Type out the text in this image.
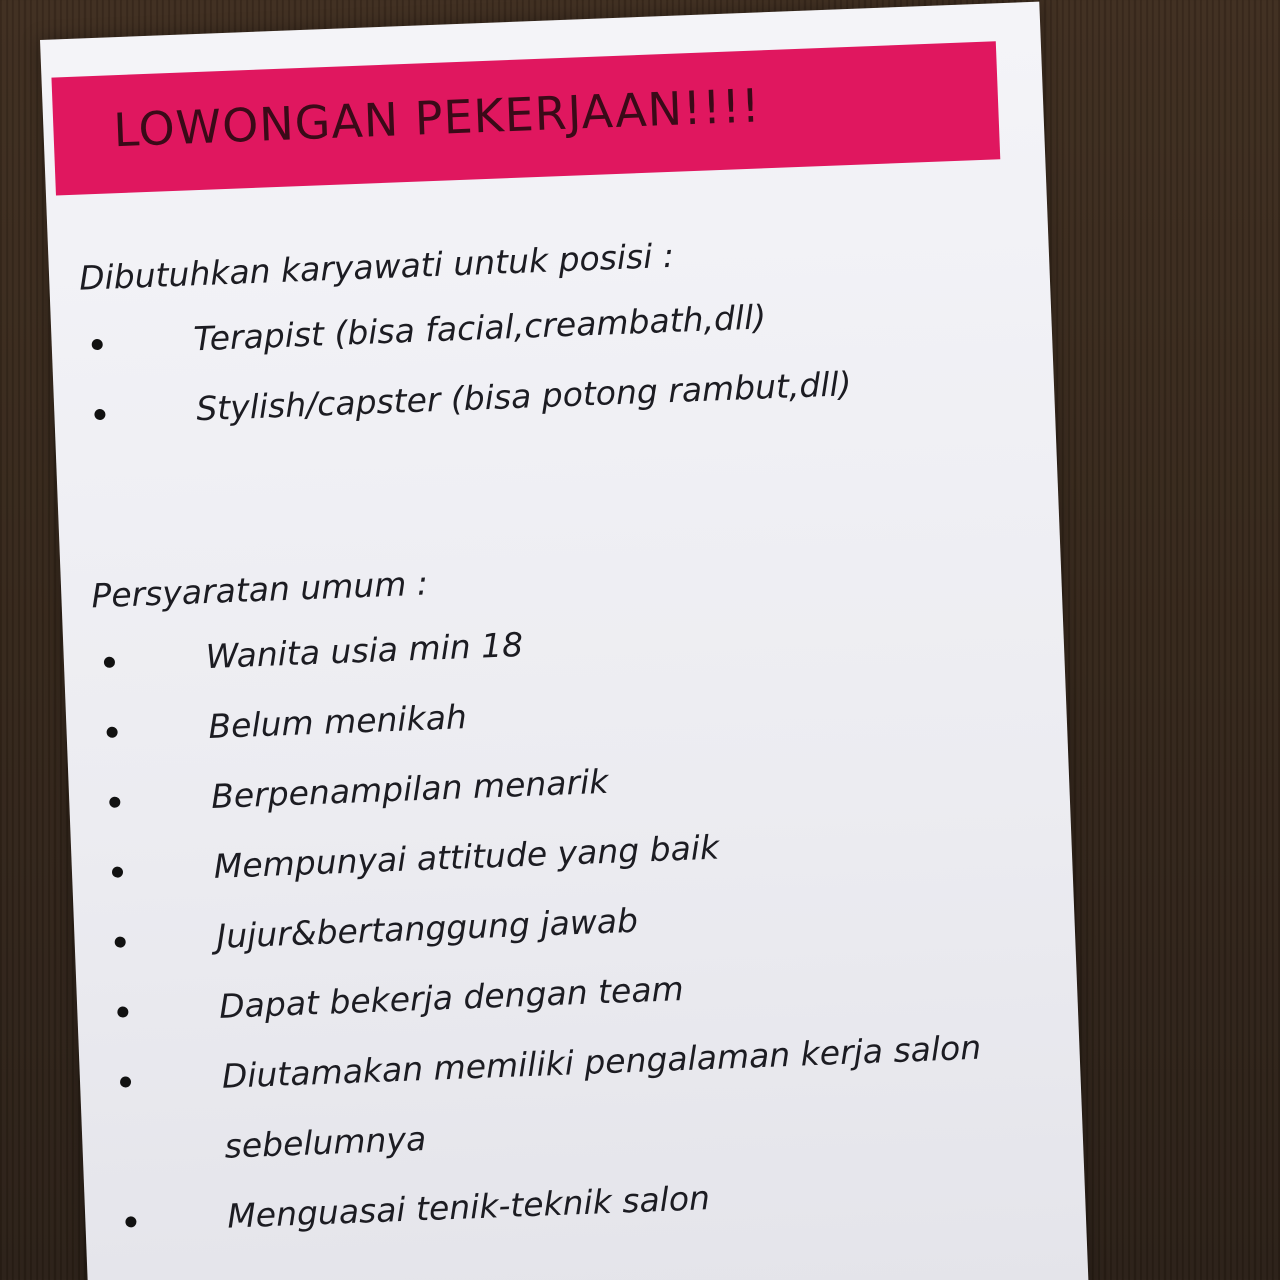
LOWONGAN PEKERJAAN!!!!

Dibutuhkan karyawati untuk posisi :

Terapist (bisa facial,creambath,dll)
Stylish/capster (bisa potong rambut,dll)

Persyaratan umum :

Wanita usia min 18
Belum menikah
Berpenampilan menarik
Mempunyai attitude yang baik
Jujur&bertanggung jawab
Dapat bekerja dengan team
Diutamakan memiliki pengalaman kerja salon sebelumnya
Menguasai tenik-teknik salon
